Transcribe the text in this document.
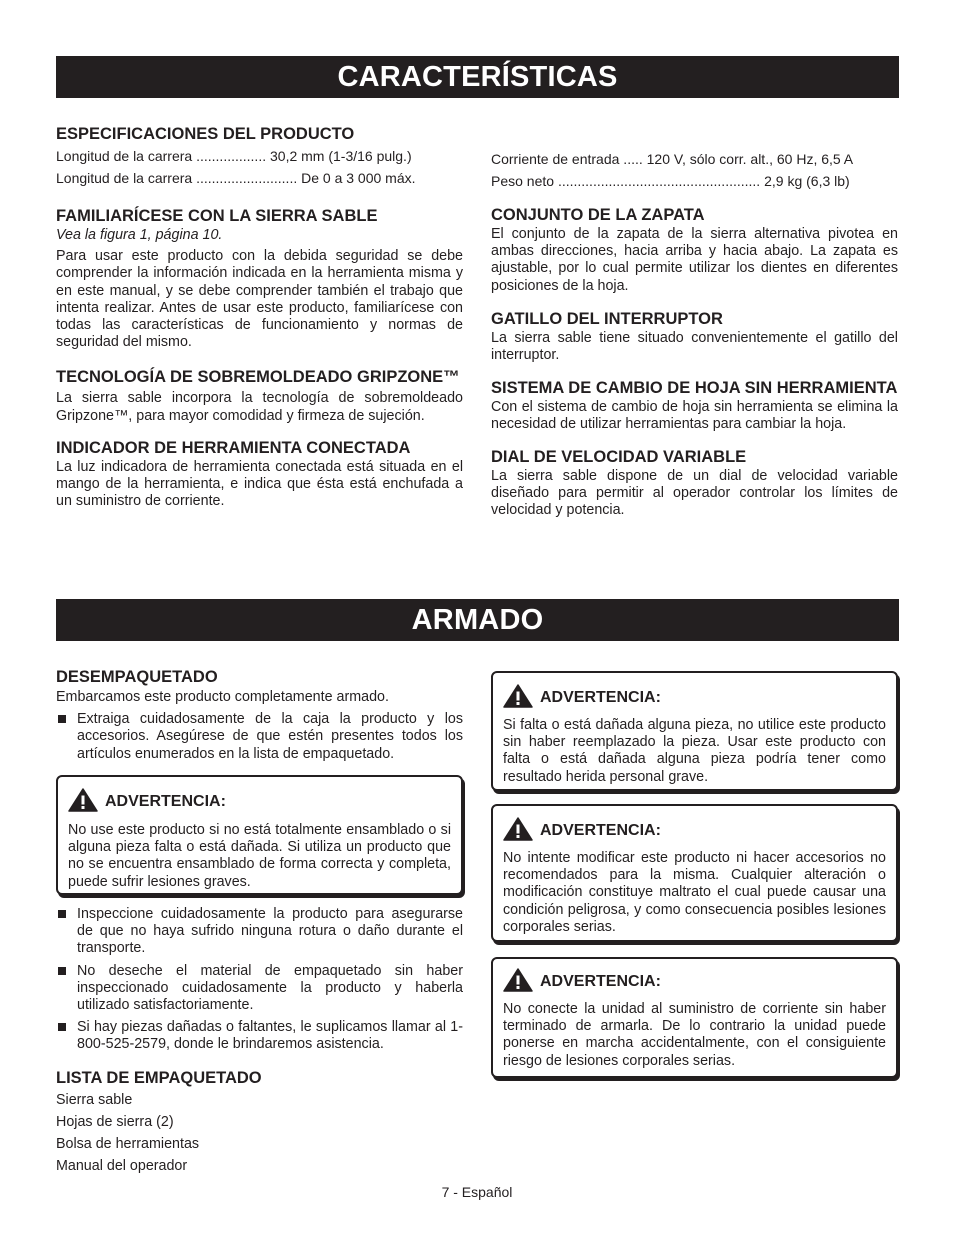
CARACTERÍSTICAS

ESPECIFICACIONES DEL PRODUCTO

Longitud de la carrera .................. 30,2 mm (1-3/16 pulg.)

Longitud de la carrera .......................... De 0 a 3 000 máx.

FAMILIARÍCESE CON LA SIERRA SABLE

Vea la figura 1, página 10.

Para usar este producto con la debida seguridad se debe comprender la información indicada en la herramienta misma y en este manual, y se debe comprender también el trabajo que intenta realizar. Antes de usar este producto, familiarícese con todas las características de funcionamiento y normas de seguridad del mismo.

TECNOLOGÍA DE SOBREMOLDEADO GRIPZONE™

La sierra sable incorpora la tecnología de sobremoldeado Gripzone™, para mayor comodidad y firmeza de sujeción.

INDICADOR DE HERRAMIENTA CONECTADA

La luz indicadora de herramienta conectada está situada en el mango de la herramienta, e indica que ésta está enchufada a un suministro de corriente.

Corriente de entrada ..... 120 V, sólo corr. alt., 60 Hz, 6,5 A

Peso neto .................................................... 2,9 kg (6,3 lb)

CONJUNTO DE LA ZAPATA

El conjunto de la zapata de la sierra alternativa pivotea en ambas direcciones, hacia arriba y hacia abajo. La zapata es ajustable, por lo cual permite utilizar los dientes en diferentes posiciones de la hoja.

GATILLO DEL INTERRUPTOR

La sierra sable tiene situado convenientemente el gatillo del interruptor.

SISTEMA DE CAMBIO DE HOJA SIN HERRAMIENTA

Con el sistema de cambio de hoja sin herramienta se elimina la necesidad de utilizar herramientas para cambiar la hoja.

DIAL DE VELOCIDAD VARIABLE

La sierra sable dispone de un dial de velocidad variable diseñado para permitir al operador controlar los límites de velocidad y potencia.

ARMADO

DESEMPAQUETADO

Embarcamos este producto completamente armado.

Extraiga cuidadosamente de la caja la producto y los accesorios. Asegúrese de que estén presentes todos los artículos enumerados en la lista de empaquetado.
ADVERTENCIA:

No use este producto si no está totalmente ensamblado o si alguna pieza falta o está dañada. Si utiliza un producto que no se encuentra ensamblado de forma correcta y completa, puede sufrir lesiones graves.

Inspeccione cuidadosamente la producto para asegurarse de que no haya sufrido ninguna rotura o daño durante el transporte.
No deseche el material de empaquetado sin haber inspeccionado cuidadosamente la producto y haberla utilizado satisfactoriamente.
Si hay piezas dañadas o faltantes, le suplicamos llamar al 1-800-525-2579, donde le brindaremos asistencia.

LISTA DE EMPAQUETADO

Sierra sable

Hojas de sierra (2)

Bolsa de herramientas

Manual del operador

ADVERTENCIA:

Si falta o está dañada alguna pieza, no utilice este producto sin haber reemplazado la pieza. Usar este producto con falta o está dañada alguna pieza podría tener como resultado herida personal grave.

ADVERTENCIA:

No intente modificar este producto ni hacer accesorios no recomendados para la misma. Cualquier alteración o modificación constituye maltrato el cual puede causar una condición peligrosa, y como consecuencia posibles lesiones corporales serias.

ADVERTENCIA:

No conecte la unidad al suministro de corriente sin haber terminado de armarla. De lo contrario la unidad puede ponerse en marcha accidentalmente, con el consiguiente riesgo de lesiones corporales serias.

7 - Español
